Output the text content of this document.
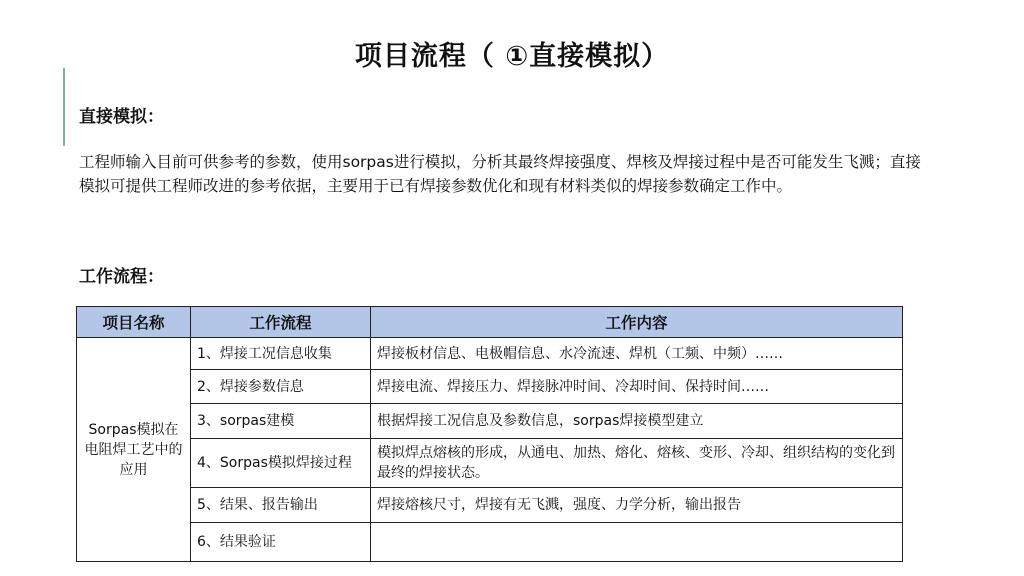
项目流程（ ①直接模拟）
直接模拟：
工程师输入目前可供参考的参数，使用sorpas进行模拟，分析其最终焊接强度、焊核及焊接过程中是否可能发生飞溅；直接模拟可提供工程师改进的参考依据，主要用于已有焊接参数优化和现有材料类似的焊接参数确定工作中。
工作流程：
项目名称	工作流程	工作内容
Sorpas模拟在电阻焊工艺中的应用	1、焊接工况信息收集	焊接板材信息、电极帽信息、水冷流速、焊机（工频、中频）……
	2、焊接参数信息	焊接电流、焊接压力、焊接脉冲时间、冷却时间、保持时间……
	3、sorpas建模	根据焊接工况信息及参数信息，sorpas焊接模型建立
	4、Sorpas模拟焊接过程	模拟焊点熔核的形成，从通电、加热、熔化、熔核、变形、冷却、组织结构的变化到最终的焊接状态。
	5、结果、报告输出	焊接熔核尺寸，焊接有无飞溅，强度、力学分析，输出报告
	6、结果验证	
